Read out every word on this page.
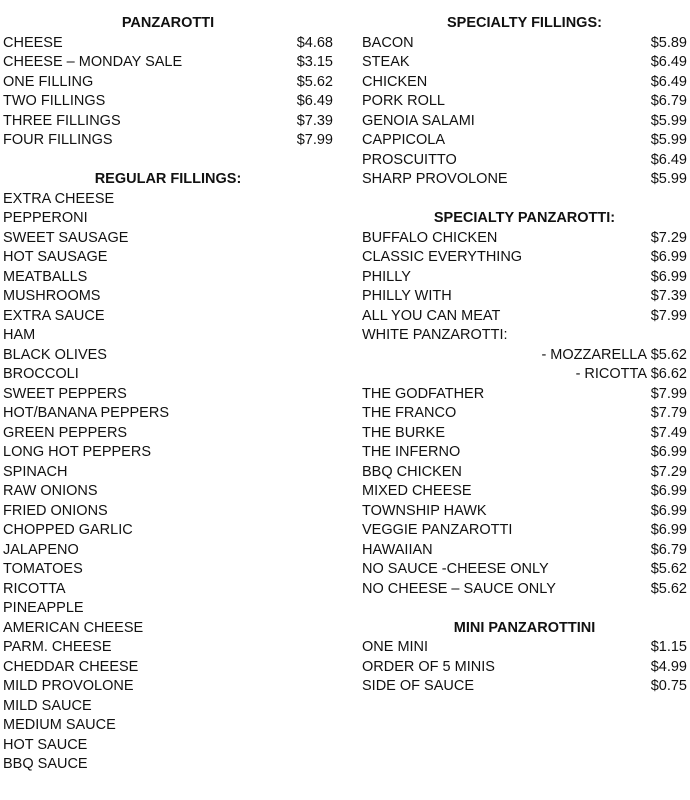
PANZAROTTI
CHEESE	$4.68
CHEESE – MONDAY SALE	$3.15
ONE FILLING	$5.62
TWO FILLINGS	$6.49
THREE FILLINGS	$7.39
FOUR FILLINGS	$7.99
REGULAR FILLINGS:
EXTRA CHEESE
PEPPERONI
SWEET SAUSAGE
HOT SAUSAGE
MEATBALLS
MUSHROOMS
EXTRA SAUCE
HAM
BLACK OLIVES
BROCCOLI
SWEET PEPPERS
HOT/BANANA PEPPERS
GREEN PEPPERS
LONG HOT PEPPERS
SPINACH
RAW ONIONS
FRIED ONIONS
CHOPPED GARLIC
JALAPENO
TOMATOES
RICOTTA
PINEAPPLE
AMERICAN CHEESE
PARM. CHEESE
CHEDDAR CHEESE
MILD PROVOLONE
MILD SAUCE
MEDIUM SAUCE
HOT SAUCE
BBQ SAUCE
SPECIALTY FILLINGS:
BACON	$5.89
STEAK	$6.49
CHICKEN	$6.49
PORK ROLL	$6.79
GENOIA SALAMI	$5.99
CAPPICOLA	$5.99
PROSCUITTO	$6.49
SHARP PROVOLONE	$5.99
SPECIALTY PANZAROTTI:
BUFFALO CHICKEN	$7.29
CLASSIC EVERYTHING	$6.99
PHILLY	$6.99
PHILLY WITH	$7.39
ALL YOU CAN MEAT	$7.99
WHITE PANZAROTTI:
- MOZZARELLA $5.62
- RICOTTA $6.62
THE GODFATHER	$7.99
THE FRANCO	$7.79
THE BURKE	$7.49
THE INFERNO	$6.99
BBQ CHICKEN	$7.29
MIXED CHEESE	$6.99
TOWNSHIP HAWK	$6.99
VEGGIE PANZAROTTI	$6.99
HAWAIIAN	$6.79
NO SAUCE -CHEESE ONLY	$5.62
NO CHEESE – SAUCE ONLY	$5.62
MINI PANZAROTTINI
ONE MINI	$1.15
ORDER OF 5 MINIS	$4.99
SIDE OF SAUCE	$0.75
